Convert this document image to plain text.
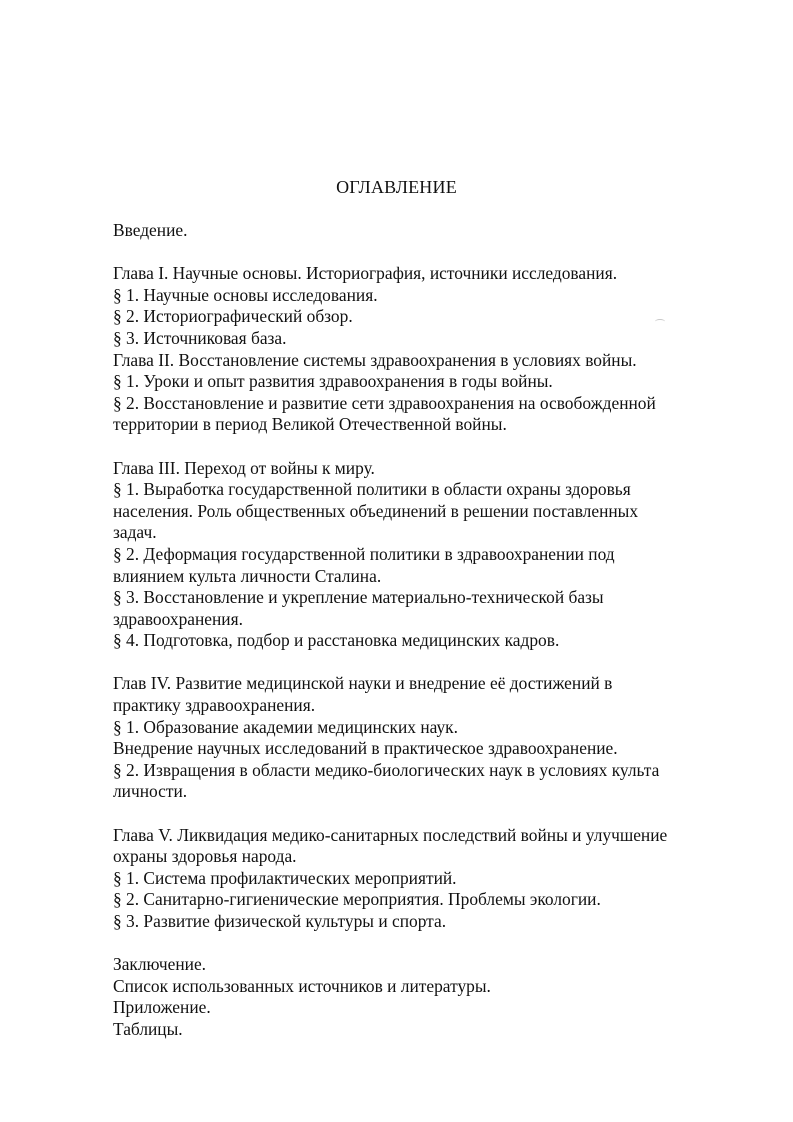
ОГЛАВЛЕНИЕ
Введение.
Глава I. Научные основы. Историография, источники исследования.
§ 1. Научные основы исследования.
§ 2. Историографический обзор.
§ 3. Источниковая база.
Глава II. Восстановление системы здравоохранения в условиях войны.
§ 1. Уроки и опыт развития здравоохранения в годы войны.
§ 2. Восстановление и развитие сети здравоохранения на освобожденной
территории в период Великой Отечественной войны.
Глава III. Переход от войны к миру.
§ 1. Выработка государственной политики в области охраны здоровья
населения. Роль общественных объединений в решении поставленных
задач.
§ 2. Деформация государственной политики в здравоохранении под
влиянием культа личности Сталина.
§ 3. Восстановление и укрепление материально-технической базы
здравоохранения.
§ 4. Подготовка, подбор и расстановка медицинских кадров.
Глав IV. Развитие медицинской науки и внедрение её достижений в
практику здравоохранения.
§ 1. Образование академии медицинских наук.
Внедрение научных исследований в практическое здравоохранение.
§ 2. Извращения в области медико-биологических наук в условиях культа
личности.
Глава V. Ликвидация медико-санитарных последствий войны и улучшение
охраны здоровья народа.
§ 1. Система профилактических мероприятий.
§ 2. Санитарно-гигиенические мероприятия. Проблемы экологии.
§ 3. Развитие физической культуры и спорта.
Заключение.
Список использованных источников и литературы.
Приложение.
Таблицы.
